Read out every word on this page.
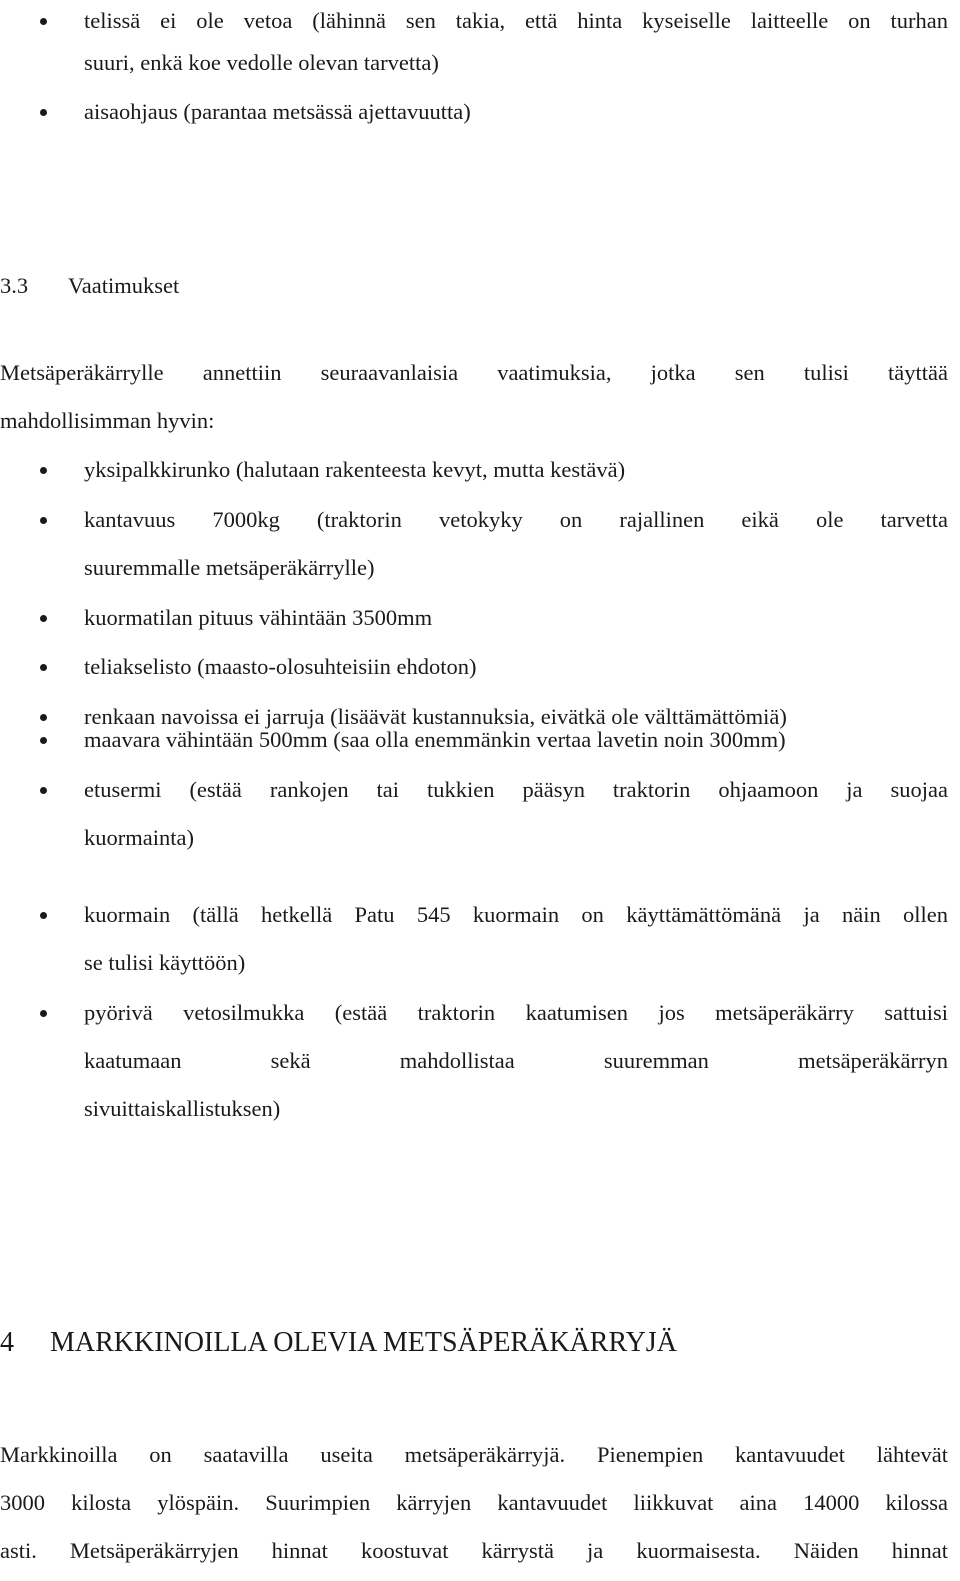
telissä ei ole vetoa (lähinnä sen takia, että hinta kyseiselle laitteelle on turhan
suuri, enkä koe vedolle olevan tarvetta)
aisaohjaus (parantaa metsässä ajettavuutta)
3.3 Vaatimukset
Metsäperäkärrylle annettiin seuraavanlaisia vaatimuksia, jotka sen tulisi täyttää
mahdollisimman hyvin:
yksipalkkirunko (halutaan rakenteesta kevyt, mutta kestävä)
kantavuus 7000kg (traktorin vetokyky on rajallinen eikä ole tarvetta
suuremmalle metsäperäkärrylle)
kuormatilan pituus vähintään 3500mm
teliakselisto (maasto-olosuhteisiin ehdoton)
renkaan navoissa ei jarruja (lisäävät kustannuksia, eivätkä ole välttämättömiä)
maavara vähintään 500mm (saa olla enemmänkin vertaa lavetin noin 300mm)
etusermi (estää rankojen tai tukkien pääsyn traktorin ohjaamoon ja suojaa
kuormainta)
kuormain (tällä hetkellä Patu 545 kuormain on käyttämättömänä ja näin ollen
se tulisi käyttöön)
pyörivä vetosilmukka (estää traktorin kaatumisen jos metsäperäkärry sattuisi
kaatumaan sekä mahdollistaa suuremman metsäperäkärryn
sivuittaiskallistuksen)
4 MARKKINOILLA OLEVIA METSÄPERÄKÄRRYJÄ
Markkinoilla on saatavilla useita metsäperäkärryjä. Pienempien kantavuudet lähtevät
3000 kilosta ylöspäin. Suurimpien kärryjen kantavuudet liikkuvat aina 14000 kilossa
asti. Metsäperäkärryjen hinnat koostuvat kärrystä ja kuormaisesta. Näiden hinnat
